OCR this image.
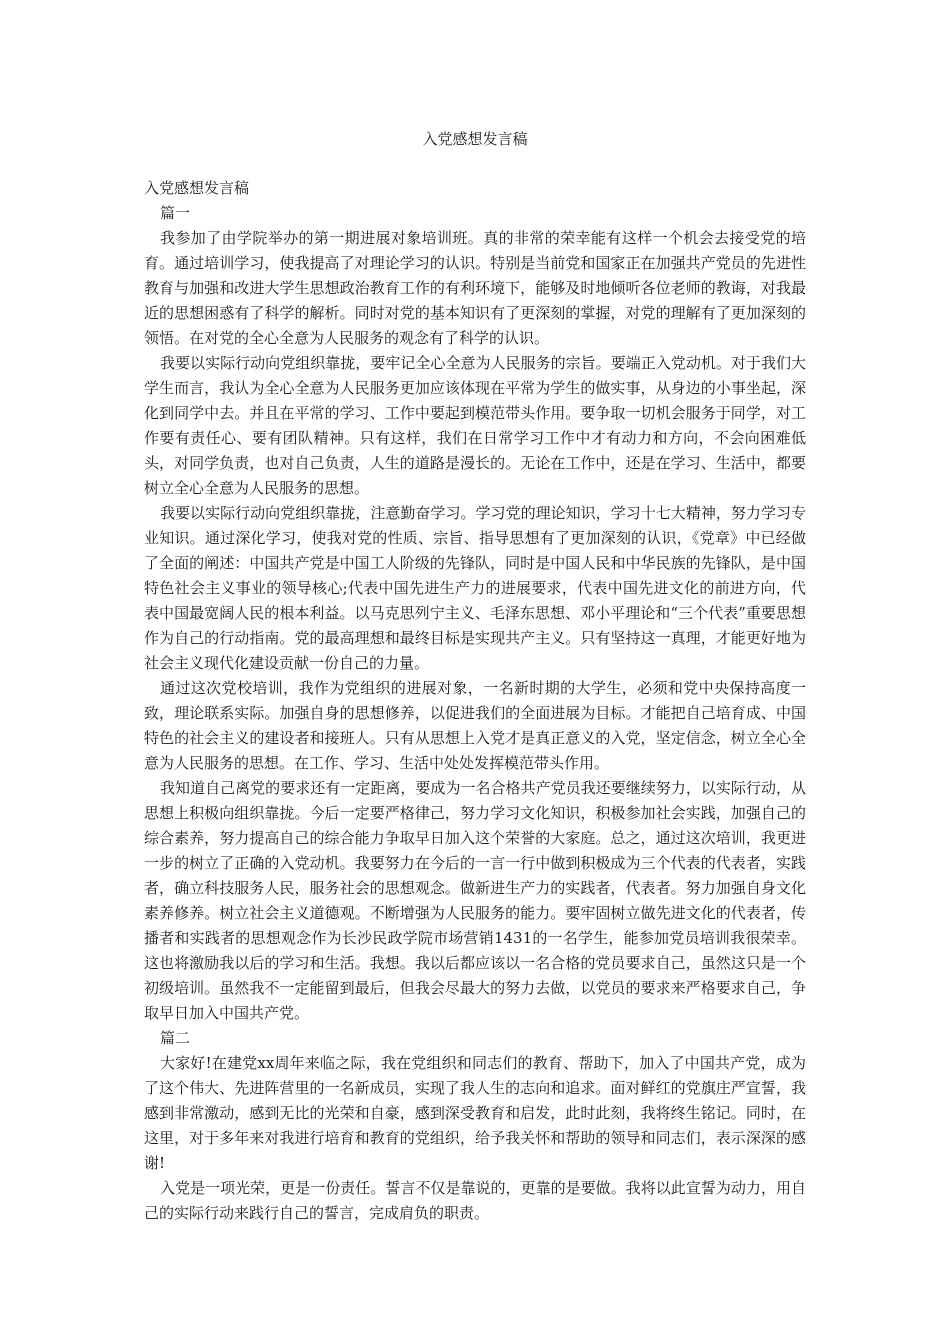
入党感想发言稿

入党感想发言稿

篇一

我参加了由学院举办的第一期进展对象培训班。真的非常的荣幸能有这样一个机会去接受党的培育。通过培训学习，使我提高了对理论学习的认识。特别是当前党和国家正在加强共产党员的先进性教育与加强和改进大学生思想政治教育工作的有利环境下，能够及时地倾听各位老师的教诲，对我最近的思想困惑有了科学的解析。同时对党的基本知识有了更深刻的掌握，对党的理解有了更加深刻的领悟。在对党的全心全意为人民服务的观念有了科学的认识。

我要以实际行动向党组织靠拢，要牢记全心全意为人民服务的宗旨。要端正入党动机。对于我们大学生而言，我认为全心全意为人民服务更加应该体现在平常为学生的做实事，从身边的小事坐起，深化到同学中去。并且在平常的学习、工作中要起到模范带头作用。要争取一切机会服务于同学，对工作要有责任心、要有团队精神。只有这样，我们在日常学习工作中才有动力和方向，不会向困难低头，对同学负责，也对自己负责，人生的道路是漫长的。无论在工作中，还是在学习、生活中，都要树立全心全意为人民服务的思想。

我要以实际行动向党组织靠拢，注意勤奋学习。学习党的理论知识，学习十七大精神，努力学习专业知识。通过深化学习，使我对党的性质、宗旨、指导思想有了更加深刻的认识，《党章》中已经做了全面的阐述：中国共产党是中国工人阶级的先锋队，同时是中国人民和中华民族的先锋队，是中国特色社会主义事业的领导核心;代表中国先进生产力的进展要求，代表中国先进文化的前进方向，代表中国最宽阔人民的根本利益。以马克思列宁主义、毛泽东思想、邓小平理论和“三个代表”重要思想作为自己的行动指南。党的最高理想和最终目标是实现共产主义。只有坚持这一真理，才能更好地为社会主义现代化建设贡献一份自己的力量。

通过这次党校培训，我作为党组织的进展对象，一名新时期的大学生，必须和党中央保持高度一致，理论联系实际。加强自身的思想修养，以促进我们的全面进展为目标。才能把自己培育成、中国特色的社会主义的建设者和接班人。只有从思想上入党才是真正意义的入党，坚定信念，树立全心全意为人民服务的思想。在工作、学习、生活中处处发挥模范带头作用。

我知道自己离党的要求还有一定距离，要成为一名合格共产党员我还要继续努力，以实际行动，从思想上积极向组织靠拢。今后一定要严格律己，努力学习文化知识，积极参加社会实践，加强自己的综合素养，努力提高自己的综合能力争取早日加入这个荣誉的大家庭。总之，通过这次培训，我更进一步的树立了正确的入党动机。我要努力在今后的一言一行中做到积极成为三个代表的代表者，实践者，确立科技服务人民，服务社会的思想观念。做新进生产力的实践者，代表者。努力加强自身文化素养修养。树立社会主义道德观。不断增强为人民服务的能力。要牢固树立做先进文化的代表者，传播者和实践者的思想观念作为长沙民政学院市场营销1431的一名学生，能参加党员培训我很荣幸。这也将激励我以后的学习和生活。我想。我以后都应该以一名合格的党员要求自己，虽然这只是一个初级培训。虽然我不一定能留到最后，但我会尽最大的努力去做，以党员的要求来严格要求自己，争取早日加入中国共产党。

篇二

大家好!在建党xx周年来临之际，我在党组织和同志们的教育、帮助下，加入了中国共产党，成为了这个伟大、先进阵营里的一名新成员，实现了我人生的志向和追求。面对鲜红的党旗庄严宣誓，我感到非常激动，感到无比的光荣和自豪，感到深受教育和启发，此时此刻，我将终生铭记。同时，在这里，对于多年来对我进行培育和教育的党组织，给予我关怀和帮助的领导和同志们，表示深深的感谢!

入党是一项光荣，更是一份责任。誓言不仅是靠说的，更靠的是要做。我将以此宣誓为动力，用自己的实际行动来践行自己的誓言，完成肩负的职责。
